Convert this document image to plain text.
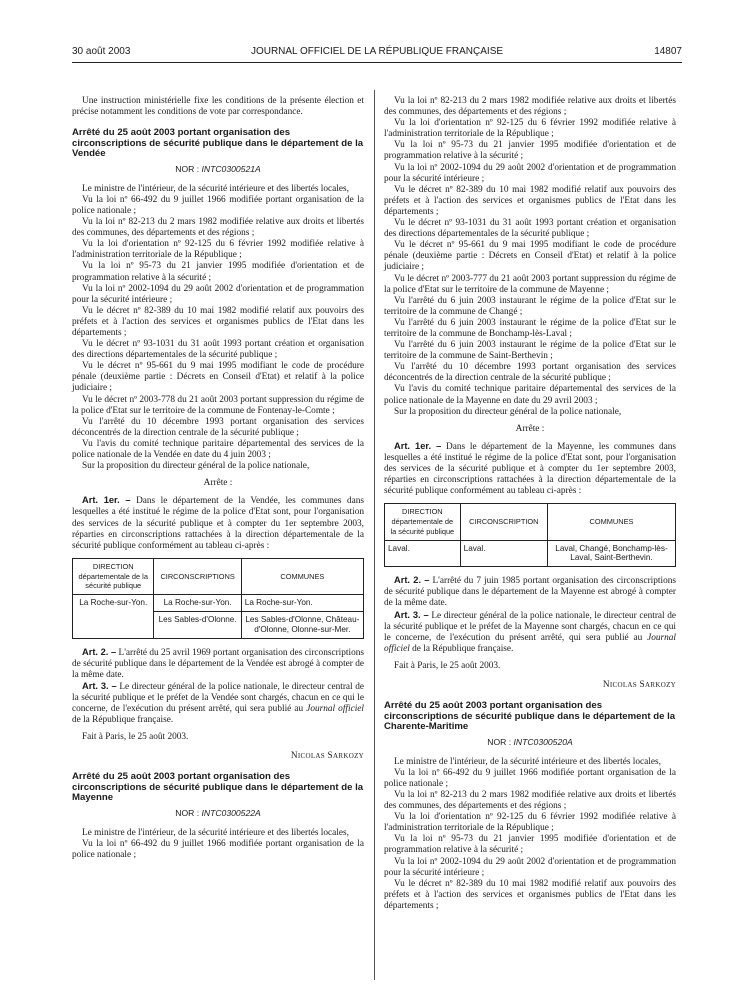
30 août 2003	JOURNAL OFFICIEL DE LA RÉPUBLIQUE FRANÇAISE	14807

Une instruction ministérielle fixe les conditions de la présente élection et précise notamment les conditions de vote par correspondance.

Arrêté du 25 août 2003 portant organisation des circonscriptions de sécurité publique dans le département de la Vendée
NOR : INTC0300521A

Le ministre de l'intérieur, de la sécurité intérieure et des libertés locales,

Vu la loi nº 66-492 du 9 juillet 1966 modifiée portant organisation de la police nationale ;

Vu la loi nº 82-213 du 2 mars 1982 modifiée relative aux droits et libertés des communes, des départements et des régions ;

Vu la loi d'orientation nº 92-125 du 6 février 1992 modifiée relative à l'administration territoriale de la République ;

Vu la loi nº 95-73 du 21 janvier 1995 modifiée d'orientation et de programmation relative à la sécurité ;

Vu la loi nº 2002-1094 du 29 août 2002 d'orientation et de programmation pour la sécurité intérieure ;

Vu le décret nº 82-389 du 10 mai 1982 modifié relatif aux pouvoirs des préfets et à l'action des services et organismes publics de l'Etat dans les départements ;

Vu le décret nº 93-1031 du 31 août 1993 portant création et organisation des directions départementales de la sécurité publique ;

Vu le décret nº 95-661 du 9 mai 1995 modifiant le code de procédure pénale (deuxième partie : Décrets en Conseil d'Etat) et relatif à la police judiciaire ;

Vu le décret nº 2003-778 du 21 août 2003 portant suppression du régime de la police d'Etat sur le territoire de la commune de Fontenay-le-Comte ;

Vu l'arrêté du 10 décembre 1993 portant organisation des services déconcentrés de la direction centrale de la sécurité publique ;

Vu l'avis du comité technique paritaire départemental des services de la police nationale de la Vendée en date du 4 juin 2003 ;

Sur la proposition du directeur général de la police nationale,

Arrête :

Art. 1er. – Dans le département de la Vendée, les communes dans lesquelles a été institué le régime de la police d'Etat sont, pour l'organisation des services de la sécurité publique et à compter du 1er septembre 2003, réparties en circonscriptions rattachées à la direction départementale de la sécurité publique conformément au tableau ci-après :

DIRECTION départementale de la sécurité publique	CIRCONSCRIPTIONS	COMMUNES
La Roche-sur-Yon.	La Roche-sur-Yon.	La Roche-sur-Yon.
	Les Sables-d'Olonne.	Les Sables-d'Olonne, Château-d'Olonne, Olonne-sur-Mer.

Art. 2. – L'arrêté du 25 avril 1969 portant organisation des circonscriptions de sécurité publique dans le département de la Vendée est abrogé à compter de la même date.

Art. 3. – Le directeur général de la police nationale, le directeur central de la sécurité publique et le préfet de la Vendée sont chargés, chacun en ce qui le concerne, de l'exécution du présent arrêté, qui sera publié au Journal officiel de la République française.

Fait à Paris, le 25 août 2003.

Nicolas Sarkozy

Arrêté du 25 août 2003 portant organisation des circonscriptions de sécurité publique dans le département de la Mayenne
NOR : INTC0300522A

Le ministre de l'intérieur, de la sécurité intérieure et des libertés locales,

Vu la loi nº 66-492 du 9 juillet 1966 modifiée portant organisation de la police nationale ;

Vu la loi nº 82-213 du 2 mars 1982 modifiée relative aux droits et libertés des communes, des départements et des régions ;

Vu la loi d'orientation nº 92-125 du 6 février 1992 modifiée relative à l'administration territoriale de la République ;

Vu la loi nº 95-73 du 21 janvier 1995 modifiée d'orientation et de programmation relative à la sécurité ;

Vu la loi nº 2002-1094 du 29 août 2002 d'orientation et de programmation pour la sécurité intérieure ;

Vu le décret nº 82-389 du 10 mai 1982 modifié relatif aux pouvoirs des préfets et à l'action des services et organismes publics de l'Etat dans les départements ;

Vu le décret nº 93-1031 du 31 août 1993 portant création et organisation des directions départementales de la sécurité publique ;

Vu le décret nº 95-661 du 9 mai 1995 modifiant le code de procédure pénale (deuxième partie : Décrets en Conseil d'Etat) et relatif à la police judiciaire ;

Vu le décret nº 2003-777 du 21 août 2003 portant suppression du régime de la police d'Etat sur le territoire de la commune de Mayenne ;

Vu l'arrêté du 6 juin 2003 instaurant le régime de la police d'Etat sur le territoire de la commune de Changé ;

Vu l'arrêté du 6 juin 2003 instaurant le régime de la police d'Etat sur le territoire de la commune de Bonchamp-lès-Laval ;

Vu l'arrêté du 6 juin 2003 instaurant le régime de la police d'Etat sur le territoire de la commune de Saint-Berthevin ;

Vu l'arrêté du 10 décembre 1993 portant organisation des services déconcentrés de la direction centrale de la sécurité publique ;

Vu l'avis du comité technique paritaire départemental des services de la police nationale de la Mayenne en date du 29 avril 2003 ;

Sur la proposition du directeur général de la police nationale,

Arrête :

Art. 1er. – Dans le département de la Mayenne, les communes dans lesquelles a été institué le régime de la police d'Etat sont, pour l'organisation des services de la sécurité publique et à compter du 1er septembre 2003, réparties en circonscriptions rattachées à la direction départementale de la sécurité publique conformément au tableau ci-après :

DIRECTION départementale de la sécurité publique	CIRCONSCRIPTION	COMMUNES
Laval.	Laval.	Laval, Changé, Bonchamp-lès-Laval, Saint-Berthevin.

Art. 2. – L'arrêté du 7 juin 1985 portant organisation des circonscriptions de sécurité publique dans le département de la Mayenne est abrogé à compter de la même date.

Art. 3. – Le directeur général de la police nationale, le directeur central de la sécurité publique et le préfet de la Mayenne sont chargés, chacun en ce qui le concerne, de l'exécution du présent arrêté, qui sera publié au Journal officiel de la République française.

Fait à Paris, le 25 août 2003.

Nicolas Sarkozy

Arrêté du 25 août 2003 portant organisation des circonscriptions de sécurité publique dans le département de la Charente-Maritime
NOR : INTC0300520A

Le ministre de l'intérieur, de la sécurité intérieure et des libertés locales,

Vu la loi nº 66-492 du 9 juillet 1966 modifiée portant organisation de la police nationale ;

Vu la loi nº 82-213 du 2 mars 1982 modifiée relative aux droits et libertés des communes, des départements et des régions ;

Vu la loi d'orientation nº 92-125 du 6 février 1992 modifiée relative à l'administration territoriale de la République ;

Vu la loi nº 95-73 du 21 janvier 1995 modifiée d'orientation et de programmation relative à la sécurité ;

Vu la loi nº 2002-1094 du 29 août 2002 d'orientation et de programmation pour la sécurité intérieure ;

Vu le décret nº 82-389 du 10 mai 1982 modifié relatif aux pouvoirs des préfets et à l'action des services et organismes publics de l'Etat dans les départements ;
